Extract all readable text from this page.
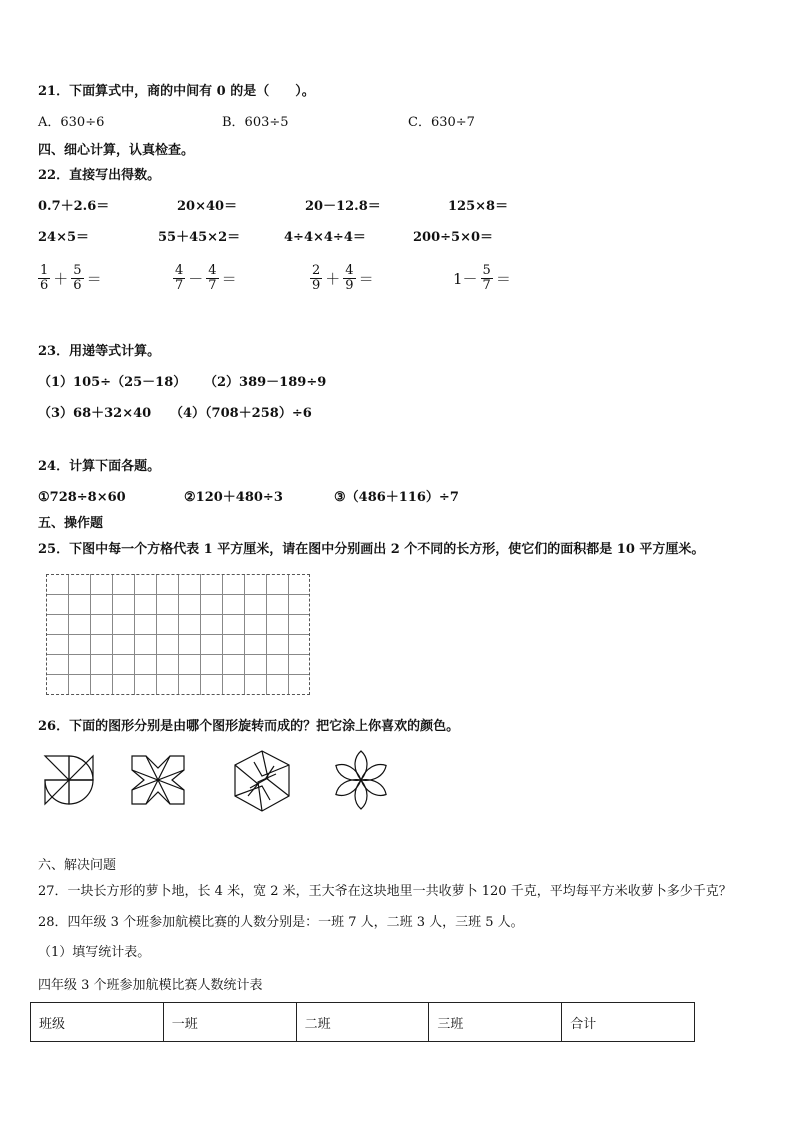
21．下面算式中，商的中间有 0 的是（　　）。
A．630÷6	B．603÷5	C．630÷7
四、细心计算，认真检查。
22．直接写出得数。
0.7＋2.6＝	20×40＝	20－12.8＝	125×8＝
24×5＝	55＋45×2＝	4÷4×4÷4＝	200÷5×0＝
$\frac{1}{6} + \frac{5}{6}$ ＝	$\frac{4}{7} - \frac{4}{7}$ ＝	$\frac{2}{9} + \frac{4}{9}$ ＝	$1- \frac{5}{7}$ ＝
23．用递等式计算。
（1）105÷（25－18） （2）389－189÷9
（3）68＋32×40 （4）（708＋258）÷6
24．计算下面各题。
①728÷8×60	②120＋480÷3	③（486＋116）÷7
五、操作题
25．下图中每一个方格代表 1 平方厘米，请在图中分别画出 2 个不同的长方形，使它们的面积都是 10 平方厘米。
26．下面的图形分别是由哪个图形旋转而成的？把它涂上你喜欢的颜色。
六、解决问题
27．一块长方形的萝卜地，长 4 米，宽 2 米，王大爷在这块地里一共收萝卜 120 千克，平均每平方米收萝卜多少千克？
28．四年级 3 个班参加航模比赛的人数分别是：一班 7 人，二班 3 人，三班 5 人。
（1）填写统计表。
四年级 3 个班参加航模比赛人数统计表
班级	一班	二班	三班	合计
